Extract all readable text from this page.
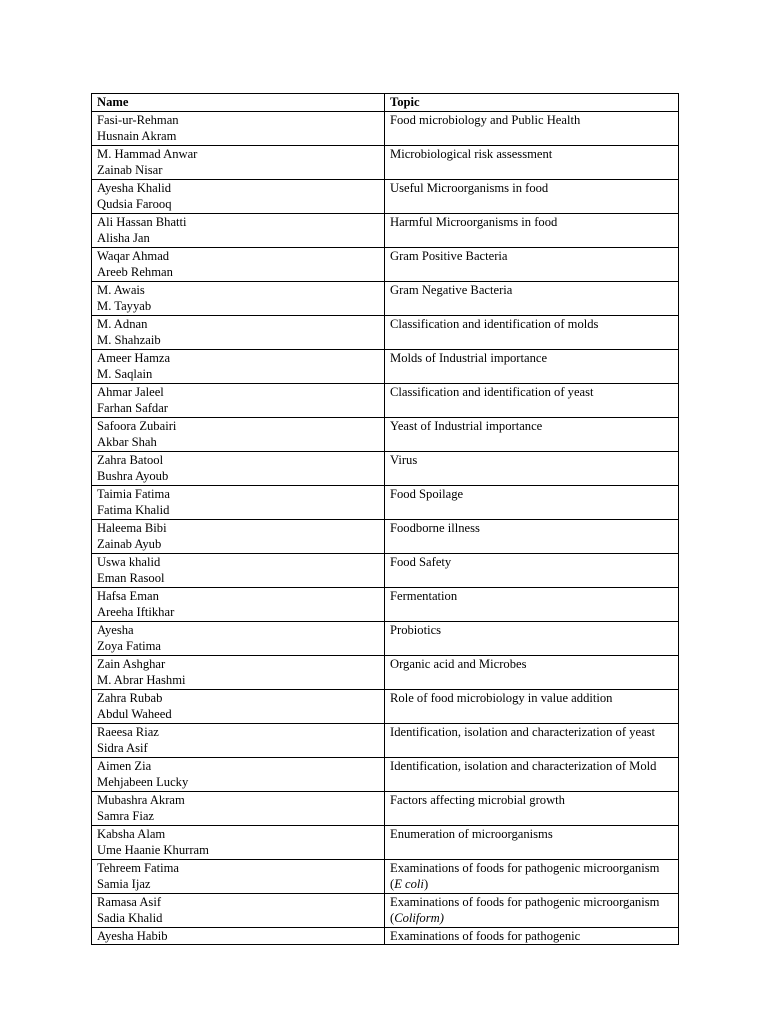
Name	Topic

Fasi-ur-Rehman
Husnain Akram	Food microbiology and Public Health

M. Hammad Anwar
Zainab Nisar	Microbiological risk assessment

Ayesha Khalid
Qudsia Farooq	Useful Microorganisms in food

Ali Hassan Bhatti
Alisha Jan	Harmful Microorganisms in food

Waqar Ahmad
Areeb Rehman	Gram Positive Bacteria

M. Awais
M. Tayyab	Gram Negative Bacteria

M. Adnan
M. Shahzaib	Classification and identification of molds

Ameer Hamza
M. Saqlain	Molds of Industrial importance

Ahmar Jaleel
Farhan Safdar	Classification and identification of yeast

Safoora Zubairi
Akbar Shah	Yeast of Industrial importance

Zahra Batool
Bushra Ayoub	Virus

Taimia Fatima
Fatima Khalid	Food Spoilage

Haleema Bibi
Zainab Ayub	Foodborne illness

Uswa khalid
Eman Rasool	Food Safety

Hafsa Eman
Areeha Iftikhar	Fermentation

Ayesha
Zoya Fatima	Probiotics

Zain Ashghar
M. Abrar Hashmi	Organic acid and Microbes

Zahra Rubab
Abdul Waheed	Role of food microbiology in value addition

Raeesa Riaz
Sidra Asif	Identification, isolation and characterization of yeast

Aimen Zia
Mehjabeen Lucky	Identification, isolation and characterization of Mold

Mubashra Akram
Samra Fiaz	Factors affecting microbial growth

Kabsha Alam
Ume Haanie Khurram	Enumeration of microorganisms

Tehreem Fatima
Samia Ijaz	Examinations of foods for pathogenic microorganism (E coli)

Ramasa Asif
Sadia Khalid	Examinations of foods for pathogenic microorganism (Coliform)

Ayesha Habib	Examinations of foods for pathogenic
